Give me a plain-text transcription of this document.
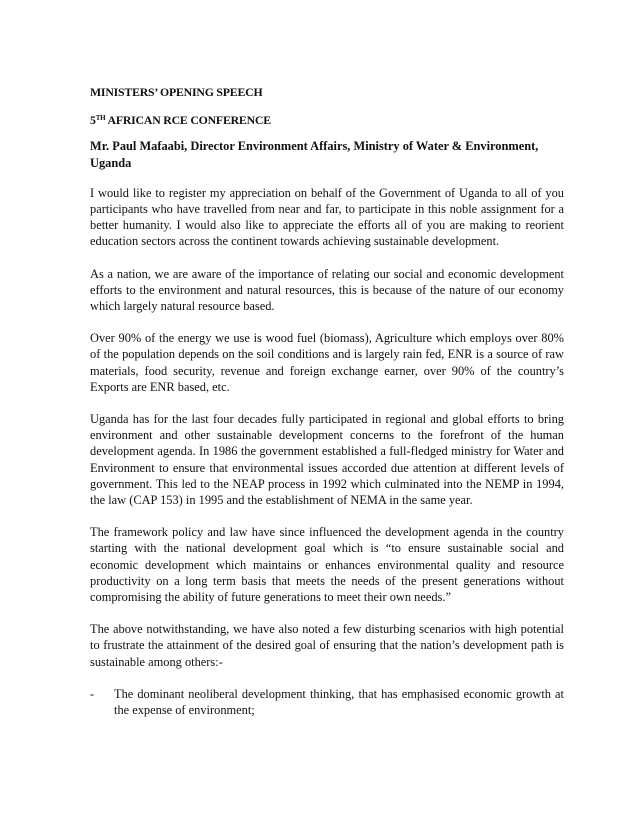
MINISTERS’ OPENING SPEECH
5TH AFRICAN RCE CONFERENCE
Mr. Paul Mafaabi, Director Environment Affairs, Ministry of Water & Environment, Uganda

I would like to register my appreciation on behalf of the Government of Uganda to all of you participants who have travelled from near and far, to participate in this noble assignment for a better humanity. I would also like to appreciate the efforts all of you are making to reorient education sectors across the continent towards achieving sustainable development.

As a nation, we are aware of the importance of relating our social and economic development efforts to the environment and natural resources, this is because of the nature of our economy which largely natural resource based.

Over 90% of the energy we use is wood fuel (biomass), Agriculture which employs over 80% of the population depends on the soil conditions and is largely rain fed, ENR is a source of raw materials, food security, revenue and foreign exchange earner, over 90% of the country’s Exports are ENR based, etc.

Uganda has for the last four decades fully participated in regional and global efforts to bring environment and other sustainable development concerns to the forefront of the human development agenda. In 1986 the government established a full-fledged ministry for Water and Environment to ensure that environmental issues accorded due attention at different levels of government. This led to the NEAP process in 1992 which culminated into the NEMP in 1994, the law (CAP 153) in 1995 and the establishment of NEMA in the same year.

The framework policy and law have since influenced the development agenda in the country starting with the national development goal which is “to ensure sustainable social and economic development which maintains or enhances environmental quality and resource productivity on a long term basis that meets the needs of the present generations without compromising the ability of future generations to meet their own needs.”

The above notwithstanding, we have also noted a few disturbing scenarios with high potential to frustrate the attainment of the desired goal of ensuring that the nation’s development path is sustainable among others:-

-	The dominant neoliberal development thinking, that has emphasised economic growth at the expense of environment;
